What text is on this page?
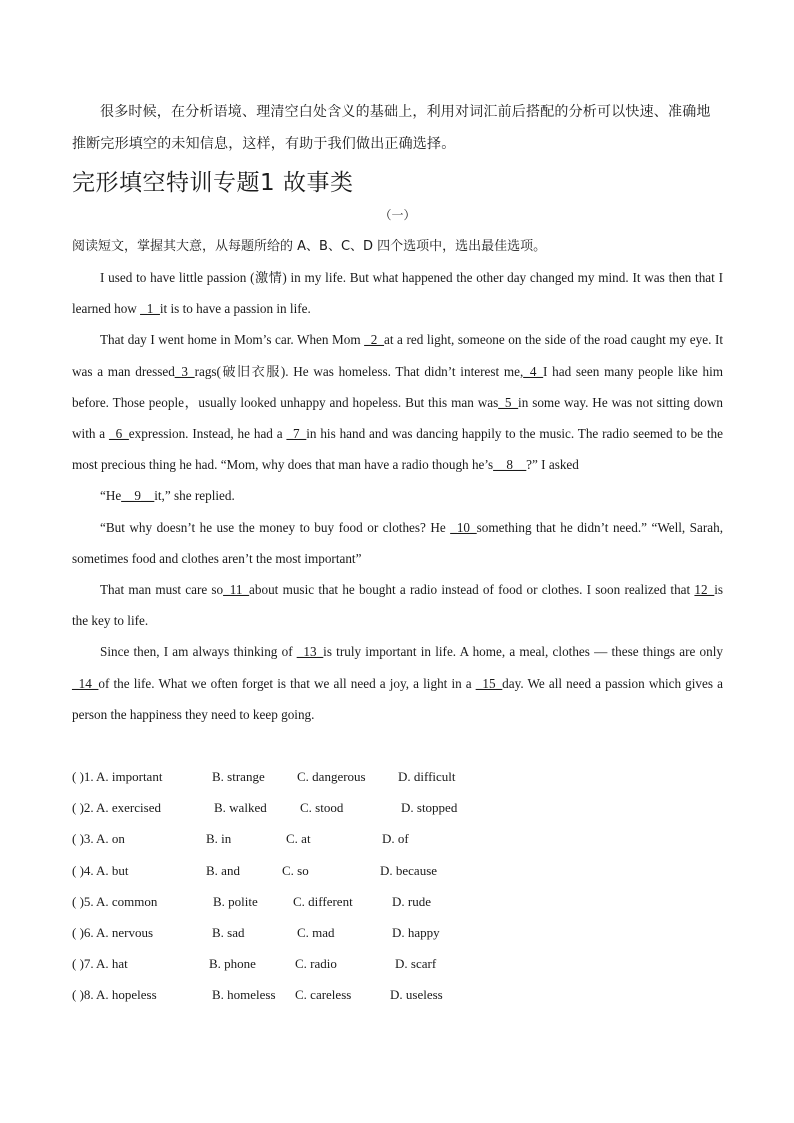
很多时候，在分析语境、理清空白处含义的基础上，利用对词汇前后搭配的分析可以快速、准确地推断完形填空的未知信息，这样，有助于我们做出正确选择。
完形填空特训专题1 故事类
（一）
阅读短文，掌握其大意，从每题所给的 A、B、C、D 四个选项中，选出最佳选项。

I used to have little passion (激情) in my life. But what happened the other day changed my mind. It was then that I learned how _1_it is to have a passion in life.

That day I went home in Mom’s car. When Mom _2_at a red light, someone on the side of the road caught my eye. It was a man dressed_3_rags(破旧衣服). He was homeless. That didn’t interest me,_4_I had seen many people like him before. Those people，usually looked unhappy and hopeless. But this man was_5_in some way. He was not sitting down with a _6_expression. Instead, he had a _7_in his hand and was dancing happily to the music. The radio seemed to be the most precious thing he had. “Mom, why does that man have a radio though he’s__8__?” I asked

“He__9__it,” she replied.

“But why doesn’t he use the money to buy food or clothes? He _10_something that he didn’t need.” “Well, Sarah, sometimes food and clothes aren’t the most important”

That man must care so_11_about music that he bought a radio instead of food or clothes. I soon realized that 12_is the key to life.

Since then, I am always thinking of _13_is truly important in life. A home, a meal, clothes — these things are only _14_of the life. What we often forget is that we all need a joy, a light in a _15_day. We all need a passion which gives a person the happiness they need to keep going.

( )1. A. important	B. strange C. dangerous D. difficult
( )2. A. exercised	B. walked	C. stood	D. stopped
( )3. A. on	B. in	C. at	D. of
( )4. A. but	B. and	C. so	D. because
( )5. A. common	B. polite	C. different	D. rude
( )6. A. nervous	B. sad	C. mad	D. happy
( )7. A. hat	B. phone	C. radio	D. scarf
( )8. A. hopeless	B. homeless C. careless	D. useless
